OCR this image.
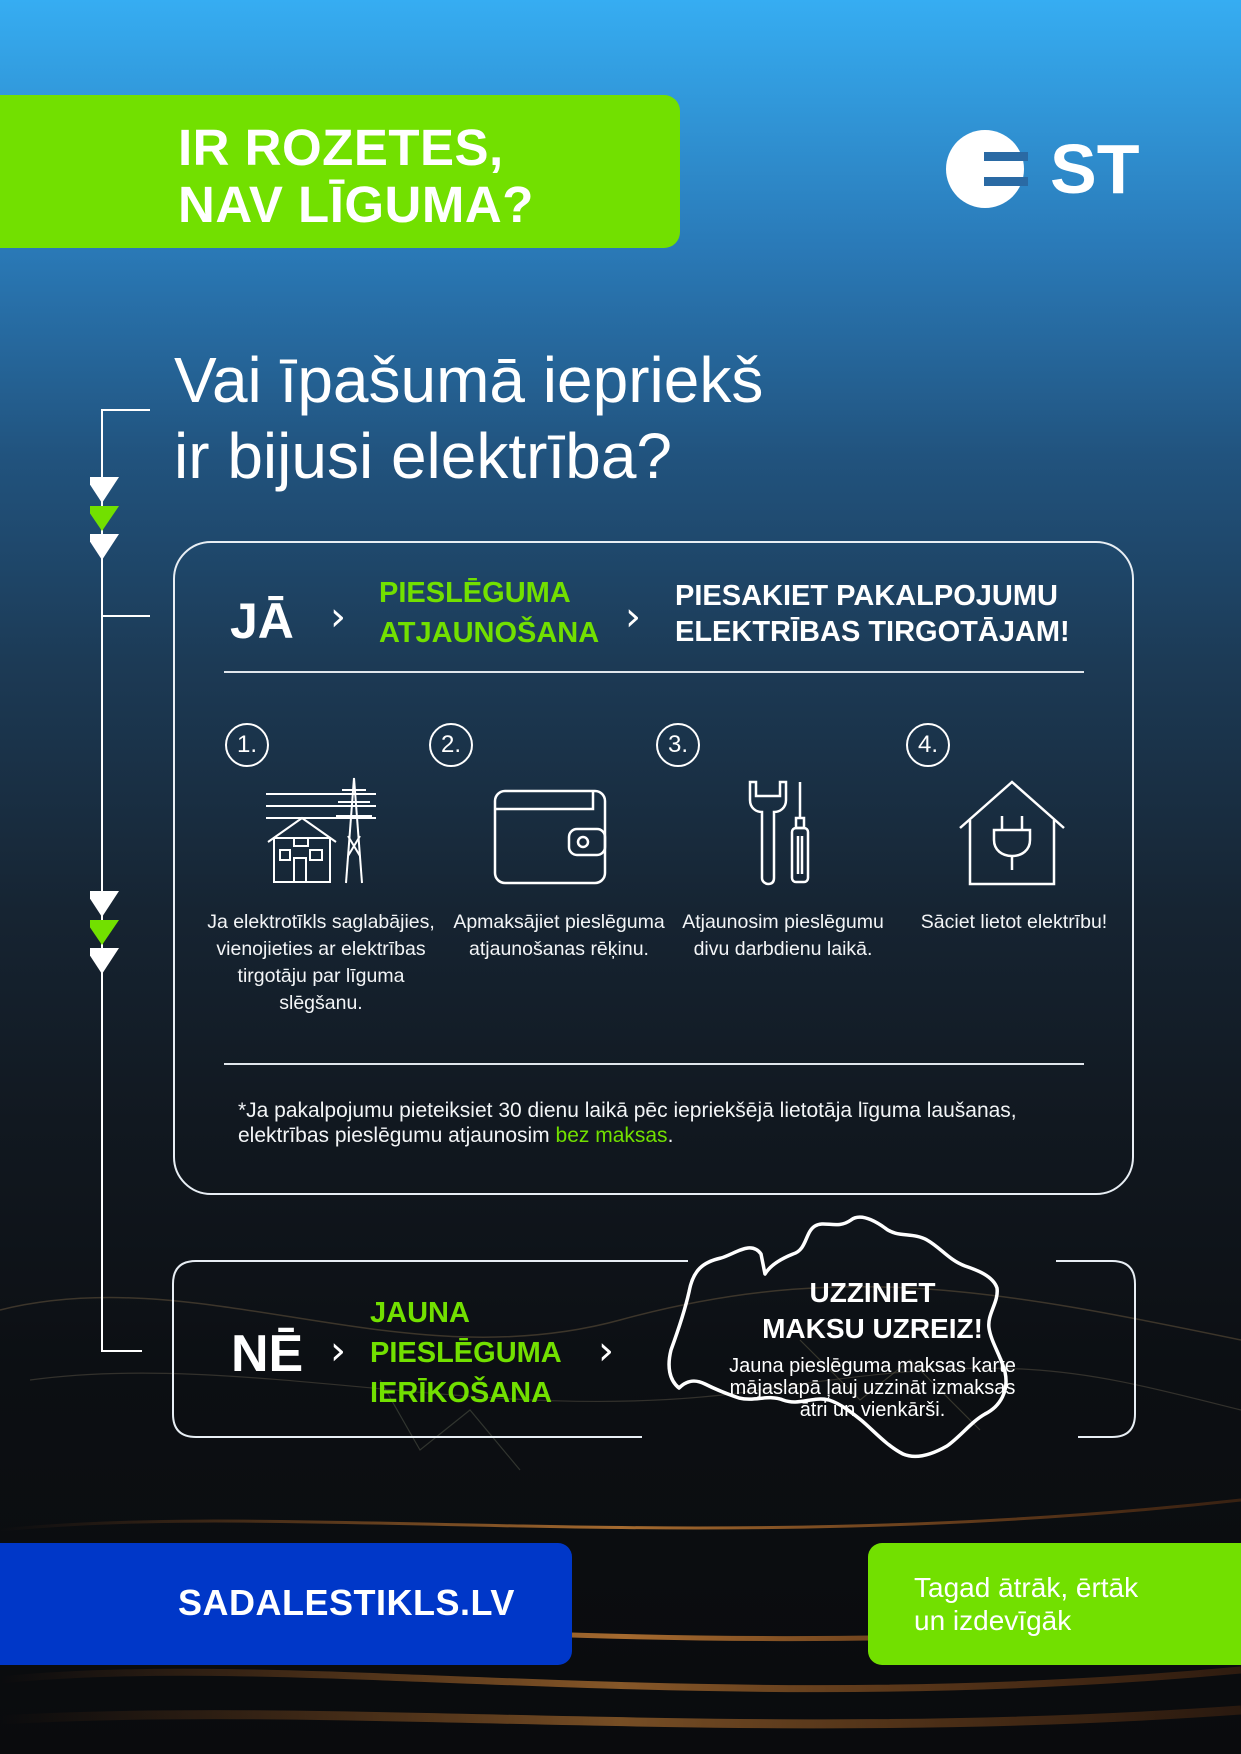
IR ROZETES,
NAV LĪGUMA?	ST
Vai īpašumā iepriekš
ir bijusi elektrība?
JĀ ›
PIESLĒGUMA
ATJAUNOŠANA › PIESAKIET PAKALPOJUMU
ELEKTRĪBAS TIRGOTĀJAM!
1.	2.	3.	4.
Ja elektrotīkls saglabājies, vienojieties ar elektrības tirgotāju par līguma slēgšanu.
Apmaksājiet pieslēguma atjaunošanas rēķinu.
Atjaunosim pieslēgumu divu darbdienu laikā.
Sāciet lietot elektrību!
*Ja pakalpojumu pieteiksiet 30 dienu laikā pēc iepriekšējā lietotāja līguma laušanas,
elektrības pieslēgumu atjaunosim bez maksas.
NĒ ›
JAUNA
PIESLĒGUMA
IERĪKOŠANA
›
UZZINIET
MAKSU UZREIZ!
Jauna pieslēguma maksas karte
mājaslapā ļauj uzzināt izmaksas
ātri un vienkārši.
SADALESTIKLS.LV	Tagad ātrāk, ērtāk
un izdevīgāk
